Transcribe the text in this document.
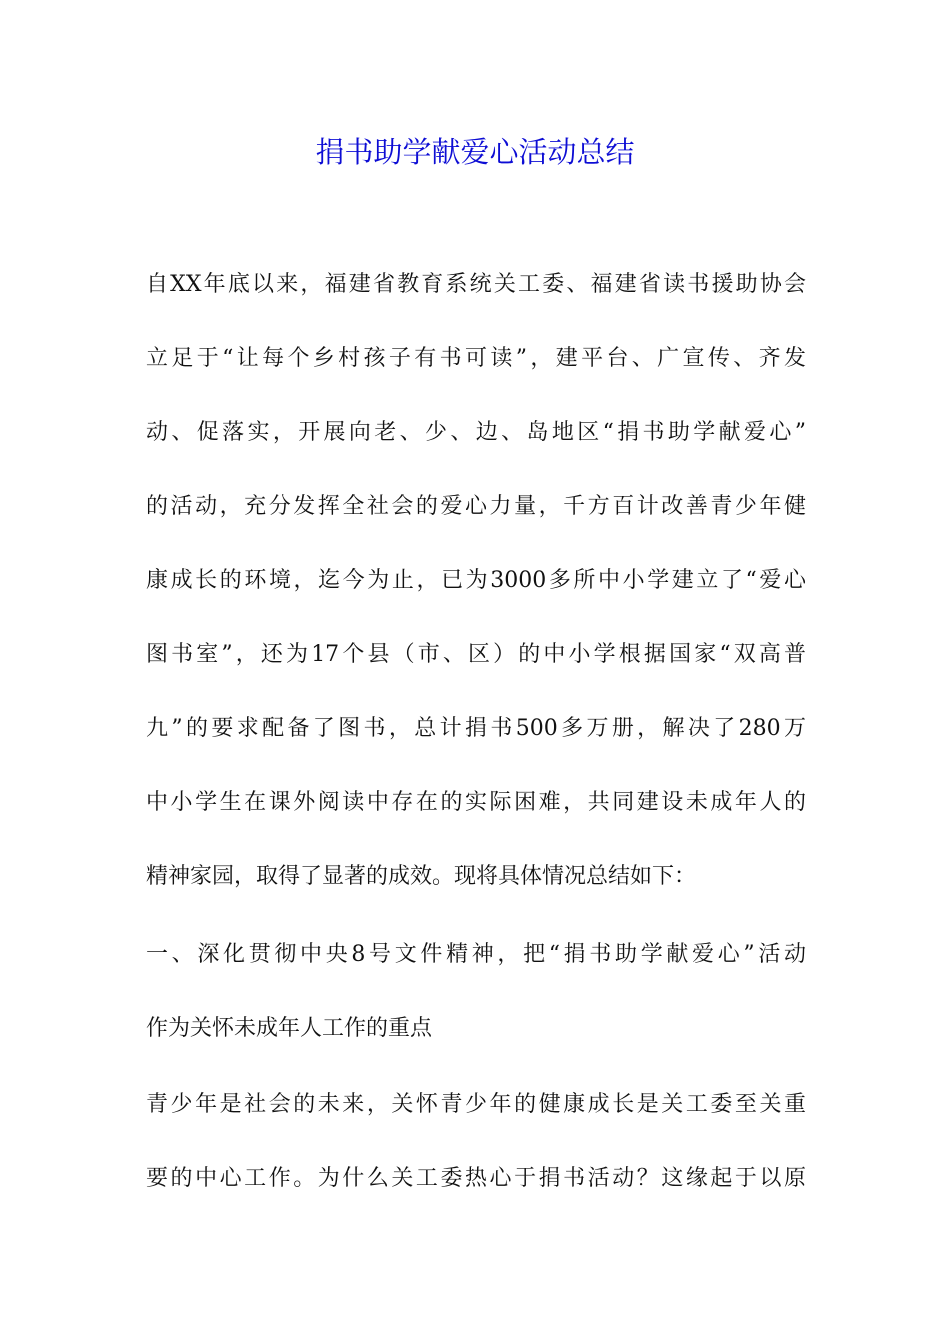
捐书助学献爱心活动总结
自XX年底以来，福建省教育系统关工委、福建省读书援助协会
立足于“让每个乡村孩子有书可读”，建平台、广宣传、齐发
动、促落实，开展向老、少、边、岛地区“捐书助学献爱心”
的活动，充分发挥全社会的爱心力量，千方百计改善青少年健
康成长的环境，迄今为止，已为3000多所中小学建立了“爱心
图书室”，还为17个县（市、区）的中小学根据国家“双高普
九”的要求配备了图书，总计捐书500多万册，解决了280万
中小学生在课外阅读中存在的实际困难，共同建设未成年人的
精神家园，取得了显著的成效。现将具体情况总结如下：
一、深化贯彻中央8号文件精神，把“捐书助学献爱心”活动
作为关怀未成年人工作的重点
青少年是社会的未来，关怀青少年的健康成长是关工委至关重
要的中心工作。为什么关工委热心于捐书活动？这缘起于以原
